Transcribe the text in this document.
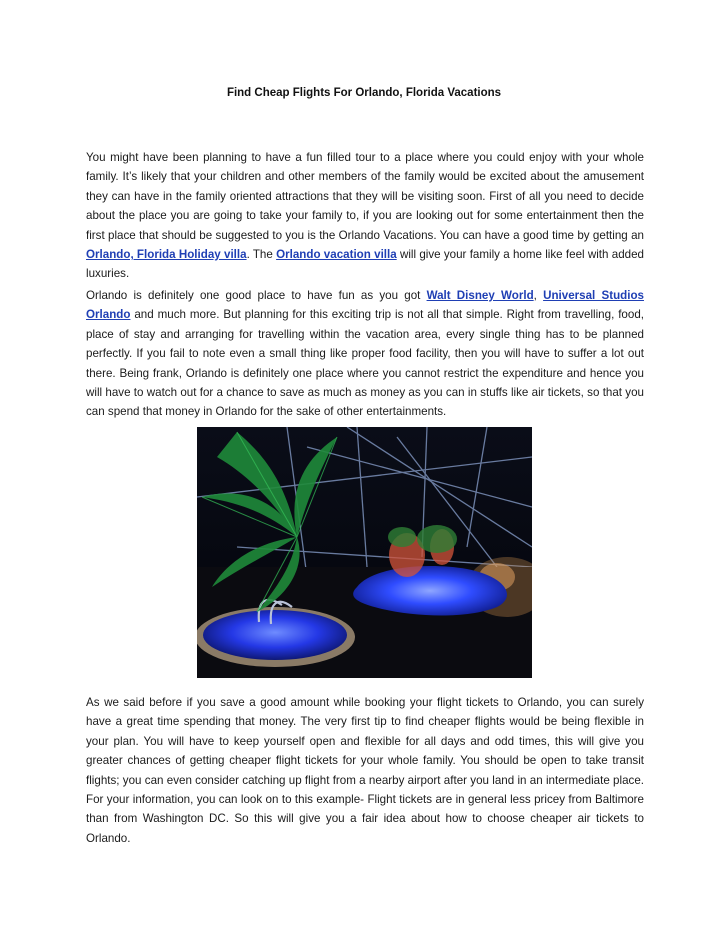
Find Cheap Flights For Orlando, Florida Vacations

You might have been planning to have a fun filled tour to a place where you could enjoy with your whole family. It’s likely that your children and other members of the family would be excited about the amusement they can have in the family oriented attractions that they will be visiting soon. First of all you need to decide about the place you are going to take your family to, if you are looking out for some entertainment then the first place that should be suggested to you is the Orlando Vacations. You can have a good time by getting an Orlando, Florida Holiday villa. The Orlando vacation villa will give your family a home like feel with added luxuries.

Orlando is definitely one good place to have fun as you got Walt Disney World, Universal Studios Orlando and much more. But planning for this exciting trip is not all that simple. Right from travelling, food, place of stay and arranging for travelling within the vacation area, every single thing has to be planned perfectly. If you fail to note even a small thing like proper food facility, then you will have to suffer a lot out there. Being frank, Orlando is definitely one place where you cannot restrict the expenditure and hence you will have to watch out for a chance to save as much as money as you can in stuffs like air tickets, so that you can spend that money in Orlando for the sake of other entertainments.

As we said before if you save a good amount while booking your flight tickets to Orlando, you can surely have a great time spending that money. The very first tip to find cheaper flights would be being flexible in your plan. You will have to keep yourself open and flexible for all days and odd times, this will give you greater chances of getting cheaper flight tickets for your whole family. You should be open to take transit flights; you can even consider catching up flight from a nearby airport after you land in an intermediate place. For your information, you can look on to this example- Flight tickets are in general less pricey from Baltimore than from Washington DC. So this will give you a fair idea about how to choose cheaper air tickets to Orlando.
